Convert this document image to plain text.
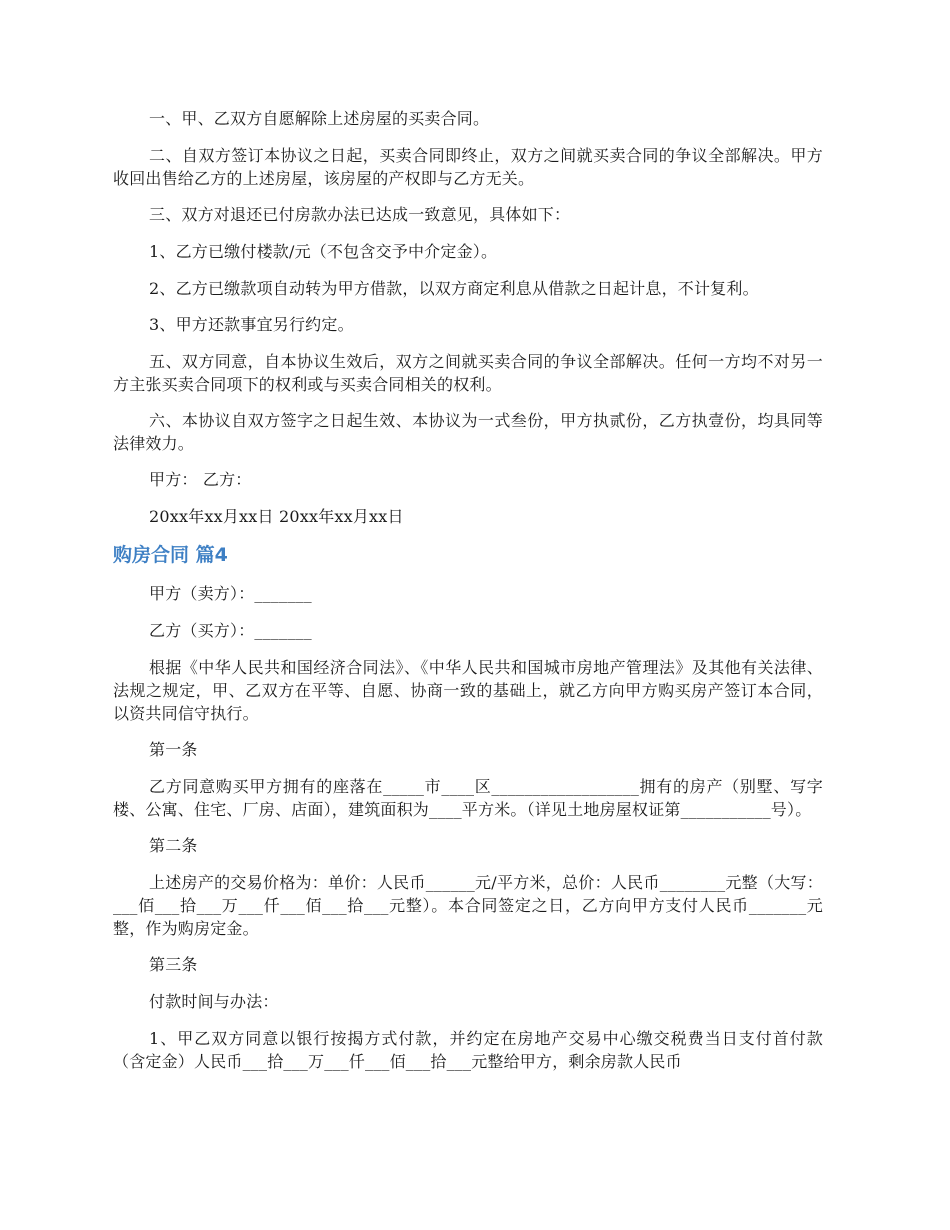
一、甲、乙双方自愿解除上述房屋的买卖合同。

二、自双方签订本协议之日起，买卖合同即终止，双方之间就买卖合同的争议全部解决。甲方收回出售给乙方的上述房屋，该房屋的产权即与乙方无关。

三、双方对退还已付房款办法已达成一致意见，具体如下：

1、乙方已缴付楼款/元（不包含交予中介定金）。

2、乙方已缴款项自动转为甲方借款，以双方商定利息从借款之日起计息，不计复利。

3、甲方还款事宜另行约定。

五、双方同意，自本协议生效后，双方之间就买卖合同的争议全部解决。任何一方均不对另一方主张买卖合同项下的权利或与买卖合同相关的权利。

六、本协议自双方签字之日起生效、本协议为一式叁份，甲方执贰份，乙方执壹份，均具同等法律效力。

甲方： 乙方：

20xx年xx月xx日 20xx年xx月xx日

购房合同 篇4

甲方（卖方）：_______

乙方（买方）：_______

根据《中华人民共和国经济合同法》、《中华人民共和国城市房地产管理法》及其他有关法律、法规之规定，甲、乙双方在平等、自愿、协商一致的基础上，就乙方向甲方购买房产签订本合同，以资共同信守执行。

第一条

乙方同意购买甲方拥有的座落在_____市____区__________________拥有的房产（别墅、写字楼、公寓、住宅、厂房、店面），建筑面积为____平方米。（详见土地房屋权证第___________号）。

第二条

上述房产的交易价格为：单价：人民币______元/平方米，总价：人民币________元整（大写：___佰___拾___万___仟___佰___拾___元整）。本合同签定之日，乙方向甲方支付人民币_______元整，作为购房定金。

第三条

付款时间与办法：

1、甲乙双方同意以银行按揭方式付款，并约定在房地产交易中心缴交税费当日支付首付款（含定金）人民币___拾___万___仟___佰___拾___元整给甲方，剩余房款人民币
